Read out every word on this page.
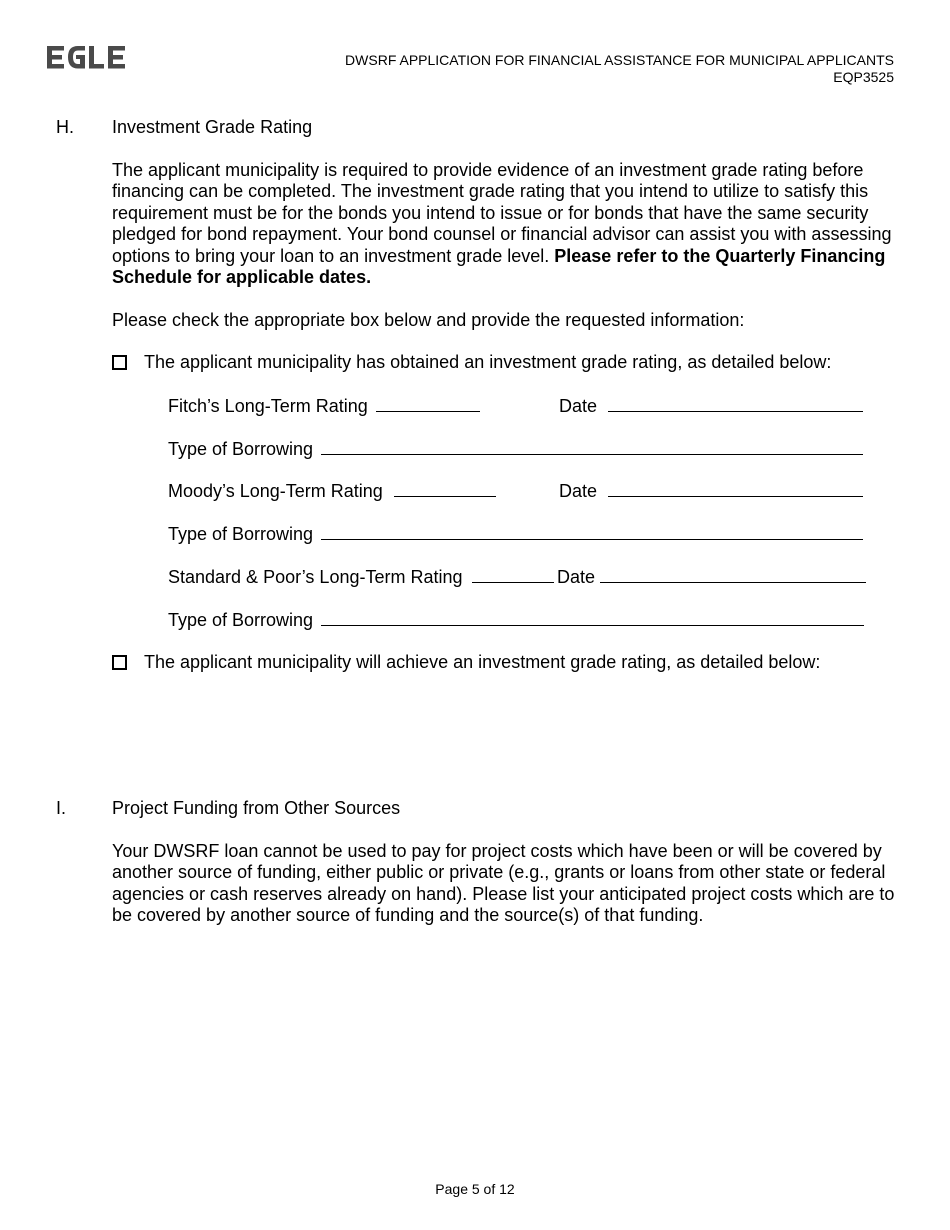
DWSRF APPLICATION FOR FINANCIAL ASSISTANCE FOR MUNICIPAL APPLICANTS
EQP3525
H. Investment Grade Rating
The applicant municipality is required to provide evidence of an investment grade rating before financing can be completed. The investment grade rating that you intend to utilize to satisfy this requirement must be for the bonds you intend to issue or for bonds that have the same security pledged for bond repayment. Your bond counsel or financial advisor can assist you with assessing options to bring your loan to an investment grade level. Please refer to the Quarterly Financing Schedule for applicable dates.
Please check the appropriate box below and provide the requested information:
The applicant municipality has obtained an investment grade rating, as detailed below:
Fitch’s Long-Term Rating	Date
Type of Borrowing
Moody’s Long-Term Rating	Date
Type of Borrowing
Standard & Poor’s Long-Term Rating	Date
Type of Borrowing
The applicant municipality will achieve an investment grade rating, as detailed below:
I.	Project Funding from Other Sources
Your DWSRF loan cannot be used to pay for project costs which have been or will be covered by another source of funding, either public or private (e.g., grants or loans from other state or federal agencies or cash reserves already on hand). Please list your anticipated project costs which are to be covered by another source of funding and the source(s) of that funding.
Page 5 of 12
